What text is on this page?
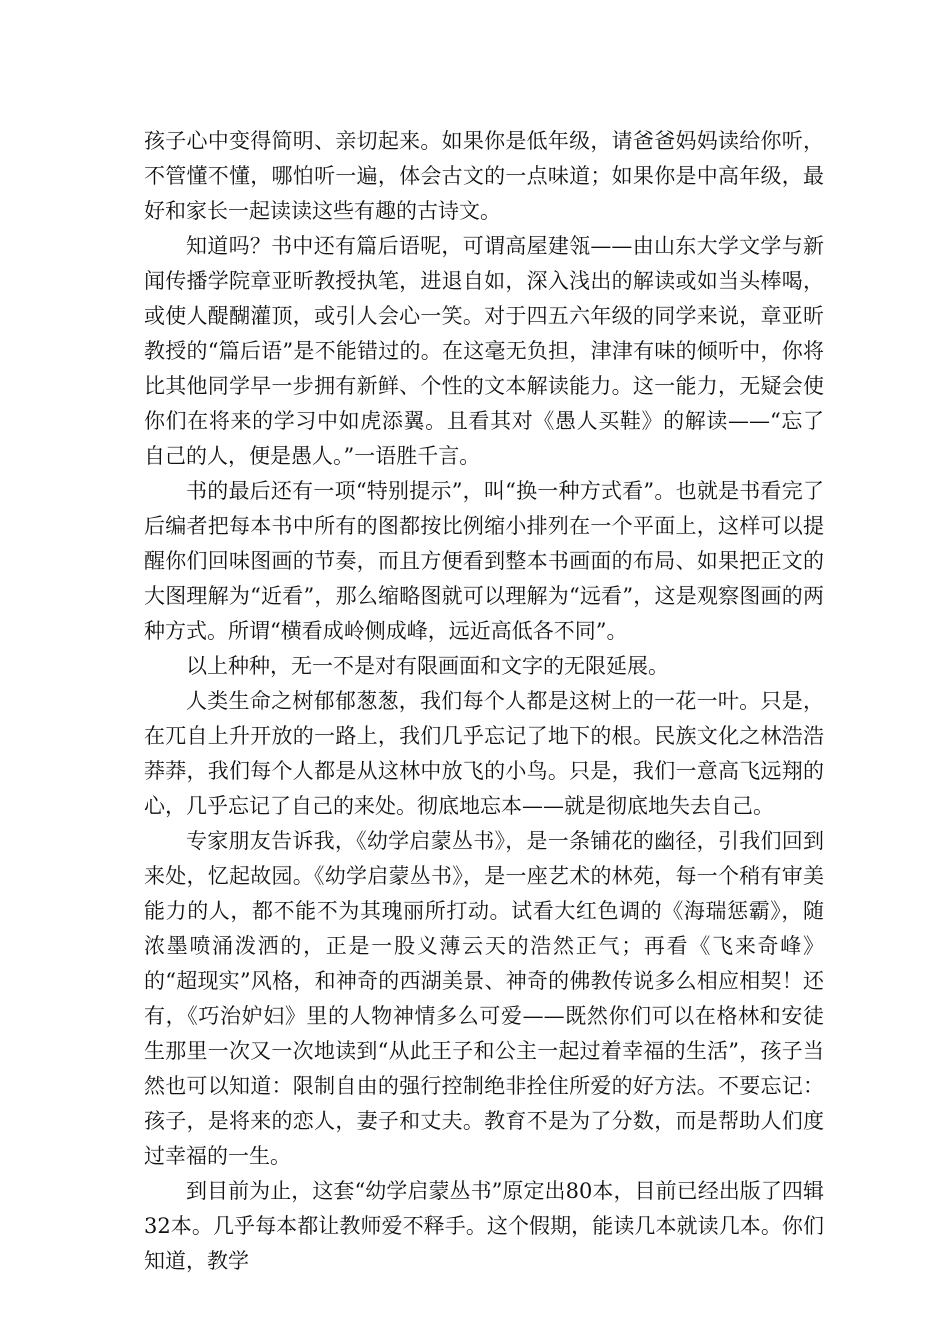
孩子心中变得简明、亲切起来。如果你是低年级，请爸爸妈妈读给你听，不管懂不懂，哪怕听一遍，体会古文的一点味道；如果你是中高年级，最好和家长一起读读这些有趣的古诗文。

知道吗？书中还有篇后语呢，可谓高屋建瓴——由山东大学文学与新闻传播学院章亚昕教授执笔，进退自如，深入浅出的解读或如当头棒喝，或使人醍醐灌顶，或引人会心一笑。对于四五六年级的同学来说，章亚昕教授的“篇后语”是不能错过的。在这毫无负担，津津有味的倾听中，你将比其他同学早一步拥有新鲜、个性的文本解读能力。这一能力，无疑会使你们在将来的学习中如虎添翼。且看其对《愚人买鞋》的解读——“忘了自己的人，便是愚人。”一语胜千言。

书的最后还有一项“特别提示”，叫“换一种方式看”。也就是书看完了后编者把每本书中所有的图都按比例缩小排列在一个平面上，这样可以提醒你们回味图画的节奏，而且方便看到整本书画面的布局、如果把正文的大图理解为“近看”，那么缩略图就可以理解为“远看”，这是观察图画的两种方式。所谓“横看成岭侧成峰，远近高低各不同”。

以上种种，无一不是对有限画面和文字的无限延展。

人类生命之树郁郁葱葱，我们每个人都是这树上的一花一叶。只是，在兀自上升开放的一路上，我们几乎忘记了地下的根。民族文化之林浩浩莽莽，我们每个人都是从这林中放飞的小鸟。只是，我们一意高飞远翔的心，几乎忘记了自己的来处。彻底地忘本——就是彻底地失去自己。

专家朋友告诉我，《幼学启蒙丛书》，是一条铺花的幽径，引我们回到来处，忆起故园。《幼学启蒙丛书》，是一座艺术的林苑，每一个稍有审美能力的人，都不能不为其瑰丽所打动。试看大红色调的《海瑞惩霸》，随浓墨喷涌泼洒的，正是一股义薄云天的浩然正气；再看《飞来奇峰》的“超现实”风格，和神奇的西湖美景、神奇的佛教传说多么相应相契！还有，《巧治妒妇》里的人物神情多么可爱——既然你们可以在格林和安徒生那里一次又一次地读到“从此王子和公主一起过着幸福的生活”，孩子当然也可以知道：限制自由的强行控制绝非拴住所爱的好方法。不要忘记：孩子，是将来的恋人，妻子和丈夫。教育不是为了分数，而是帮助人们度过幸福的一生。

到目前为止，这套“幼学启蒙丛书”原定出80本，目前已经出版了四辑32本。几乎每本都让教师爱不释手。这个假期，能读几本就读几本。你们知道，教学
